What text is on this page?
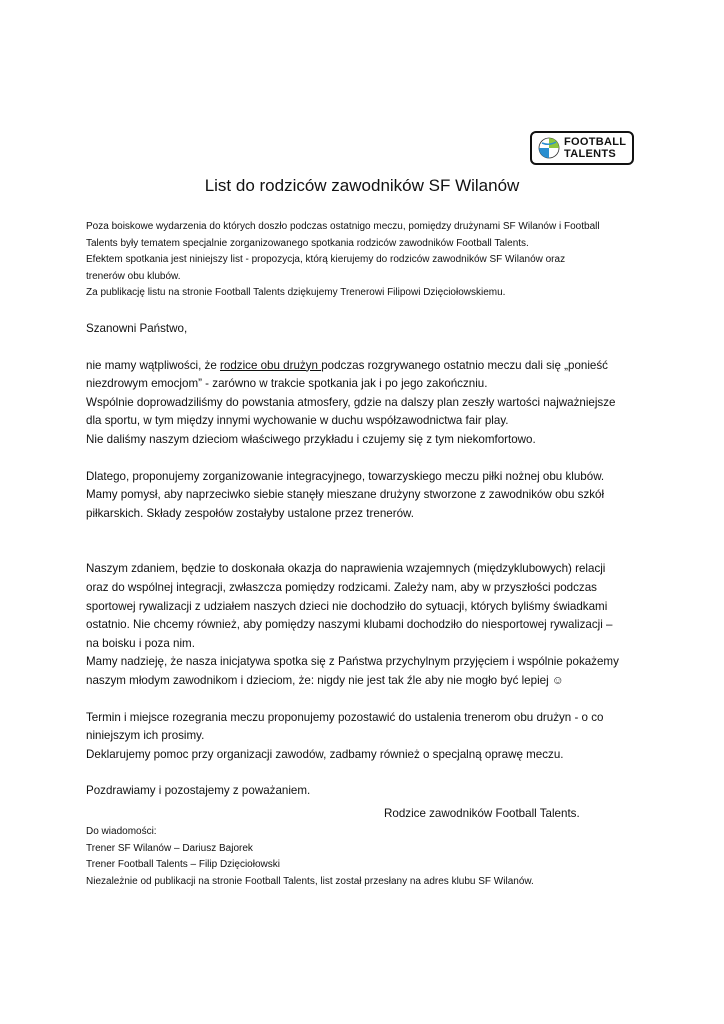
FOOTBALL
TALENTS
List do rodziców zawodników SF Wilanów
Poza boiskowe wydarzenia do których doszło podczas ostatnigo meczu, pomiędzy drużynami SF Wilanów i Football
Talents były tematem specjalnie zorganizowanego spotkania rodziców zawodników Football Talents.
Efektem spotkania jest niniejszy list - propozycja, którą kierujemy do rodziców zawodników SF Wilanów oraz
trenerów obu klubów.
Za publikację listu na stronie Football Talents dziękujemy Trenerowi Filipowi Dzięciołowskiemu.
Szanowni Państwo,
nie mamy wątpliwości, że rodzice obu drużyn podczas rozgrywanego ostatnio meczu dali się „ponieść
niezdrowym emocjom” - zarówno w trakcie spotkania jak i po jego zakończniu.
Wspólnie doprowadziliśmy do powstania atmosfery, gdzie na dalszy plan zeszły wartości najważniejsze
dla sportu, w tym między innymi wychowanie w duchu współzawodnictwa fair play.
Nie daliśmy naszym dzieciom właściwego przykładu i czujemy się z tym niekomfortowo.
Dlatego, proponujemy zorganizowanie integracyjnego, towarzyskiego meczu piłki nożnej obu klubów.
Mamy pomysł, aby naprzeciwko siebie stanęły mieszane drużyny stworzone z zawodników obu szkół
piłkarskich. Składy zespołów zostałyby ustalone przez trenerów.
Naszym zdaniem, będzie to doskonała okazja do naprawienia wzajemnych (międzyklubowych) relacji
oraz do wspólnej integracji, zwłaszcza pomiędzy rodzicami. Zależy nam, aby w przyszłości podczas
sportowej rywalizacji z udziałem naszych dzieci nie dochodziło do sytuacji, których byliśmy świadkami
ostatnio. Nie chcemy również, aby pomiędzy naszymi klubami dochodziło do niesportowej rywalizacji –
na boisku i poza nim.
Mamy nadzieję, że nasza inicjatywa spotka się z Państwa przychylnym przyjęciem i wspólnie pokażemy
naszym młodym zawodnikom i dzieciom, że: nigdy nie jest tak źle aby nie mogło być lepiej ☺
Termin i miejsce rozegrania meczu proponujemy pozostawić do ustalenia trenerom obu drużyn - o co
niniejszym ich prosimy.
Deklarujemy pomoc przy organizacji zawodów, zadbamy również o specjalną oprawę meczu.
Pozdrawiamy i pozostajemy z poważaniem.
Rodzice zawodników Football Talents.
Do wiadomości:
Trener SF Wilanów – Dariusz Bajorek
Trener Football Talents – Filip Dzięciołowski
Niezależnie od publikacji na stronie Football Talents, list został przesłany na adres klubu SF Wilanów.
